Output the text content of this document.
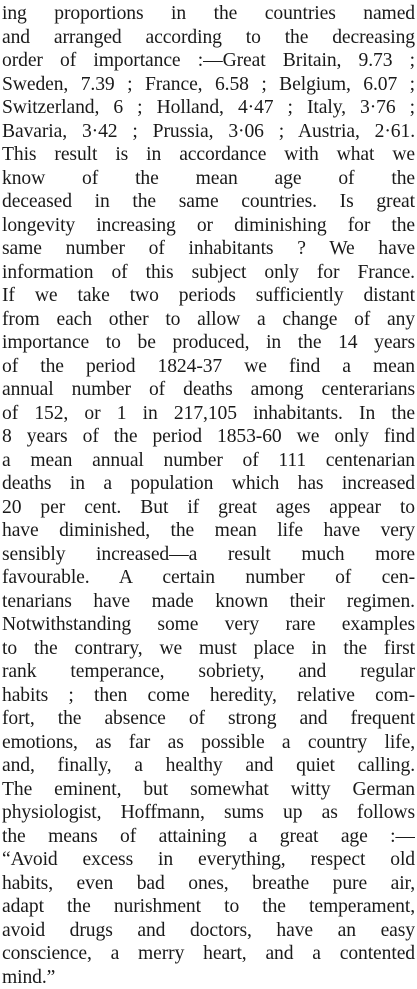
ing proportions in the countries named
and arranged according to the decreasing
order of importance :—Great Britain, 9.73 ;
Sweden, 7.39 ; France, 6.58 ; Belgium, 6.07 ;
Switzerland, 6 ; Holland, 4·47 ; Italy, 3·76 ;
Bavaria, 3·42 ; Prussia, 3·06 ; Austria, 2·61.
This result is in accordance with what we
know of the mean age of the
deceased in the same countries. Is great
longevity increasing or diminishing for the
same number of inhabitants ? We have
information of this subject only for France.
If we take two periods sufficiently distant
from each other to allow a change of any
importance to be produced, in the 14 years
of the period 1824-37 we find a mean
annual number of deaths among centerarians
of 152, or 1 in 217,105 inhabitants. In the
8 years of the period 1853-60 we only find
a mean annual number of 111 centenarian
deaths in a population which has increased
20 per cent. But if great ages appear to
have diminished, the mean life have very
sensibly increased—a result much more
favourable. A certain number of cen-
tenarians have made known their regimen.
Notwithstanding some very rare examples
to the contrary, we must place in the first
rank temperance, sobriety, and regular
habits ; then come heredity, relative com-
fort, the absence of strong and frequent
emotions, as far as possible a country life,
and, finally, a healthy and quiet calling.
The eminent, but somewhat witty German
physiologist, Hoffmann, sums up as follows
the means of attaining a great age :—
“Avoid excess in everything, respect old
habits, even bad ones, breathe pure air,
adapt the nurishment to the temperament,
avoid drugs and doctors, have an easy
conscience, a merry heart, and a contented
mind.”
